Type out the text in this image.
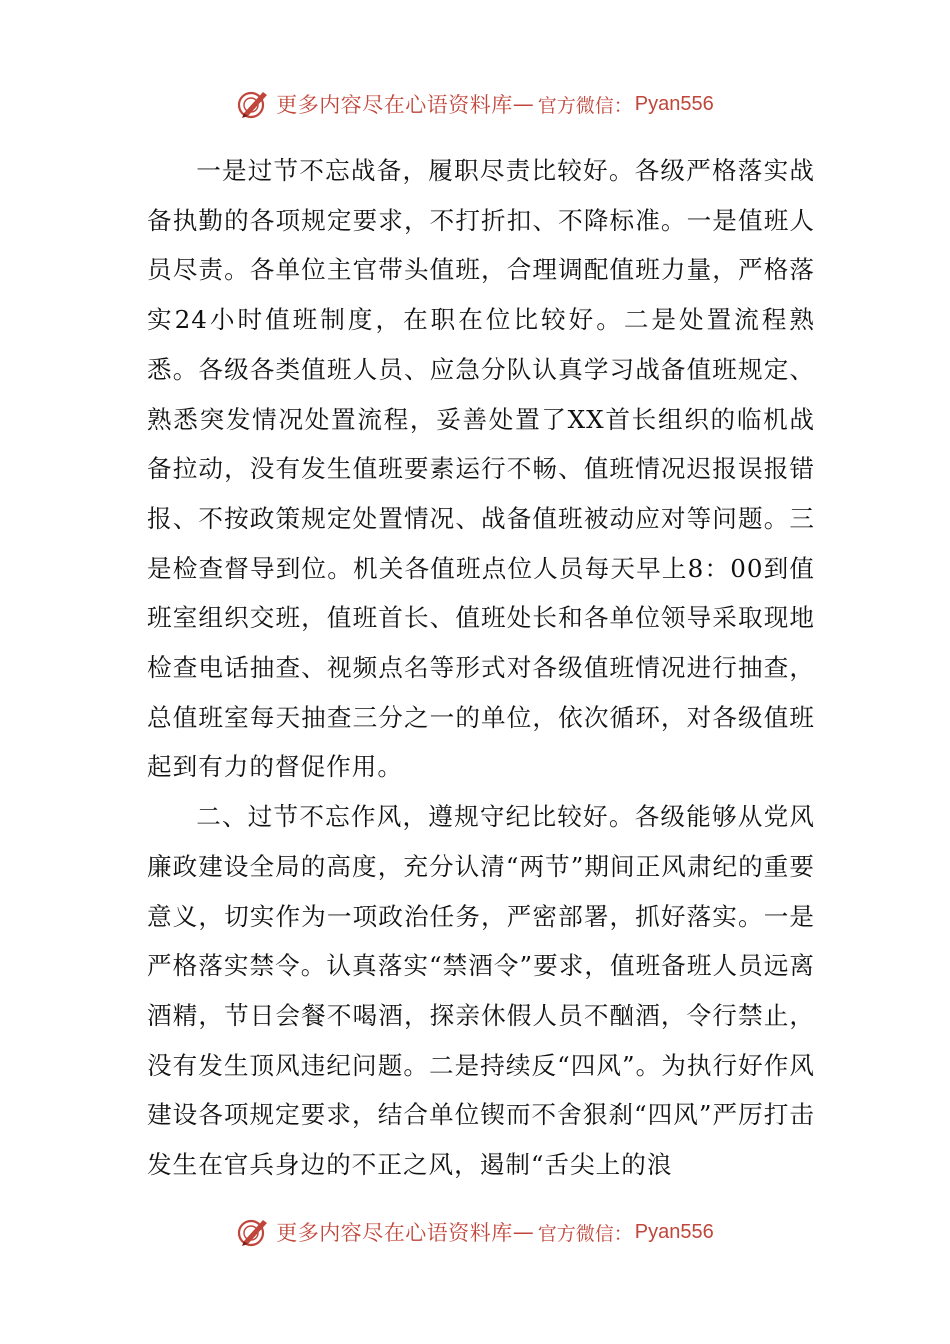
更多内容尽在心语资料库 — 官方微信： Pyan556

一是过节不忘战备，履职尽责比较好。各级严格落实战备执勤的各项规定要求，不打折扣、不降标准。一是值班人员尽责。各单位主官带头值班，合理调配值班力量，严格落实24小时值班制度，在职在位比较好。二是处置流程熟悉。各级各类值班人员、应急分队认真学习战备值班规定、熟悉突发情况处置流程，妥善处置了XX首长组织的临机战备拉动，没有发生值班要素运行不畅、值班情况迟报误报错报、不按政策规定处置情况、战备值班被动应对等问题。三是检查督导到位。机关各值班点位人员每天早上8：00到值班室组织交班，值班首长、值班处长和各单位领导采取现地检查电话抽查、视频点名等形式对各级值班情况进行抽查，总值班室每天抽查三分之一的单位，依次循环，对各级值班起到有力的督促作用。

二、过节不忘作风，遵规守纪比较好。各级能够从党风廉政建设全局的高度，充分认清“两节”期间正风肃纪的重要意义，切实作为一项政治任务，严密部署，抓好落实。一是严格落实禁令。认真落实“禁酒令”要求，值班备班人员远离酒精，节日会餐不喝酒，探亲休假人员不酗酒，令行禁止，没有发生顶风违纪问题。二是持续反“四风”。为执行好作风建设各项规定要求，结合单位锲而不舍狠刹“四风”严厉打击发生在官兵身边的不正之风，遏制“舌尖上的浪

更多内容尽在心语资料库 — 官方微信： Pyan556
